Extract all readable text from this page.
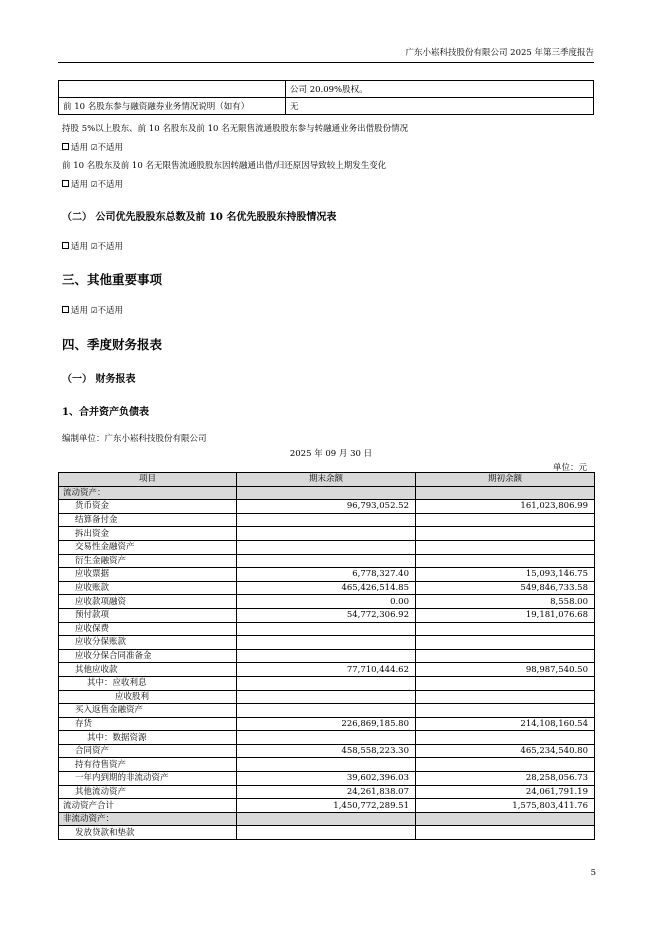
广东小崧科技股份有限公司 2025 年第三季度报告
	公司 20.09%股权。
前 10 名股东参与融资融券业务情况说明（如有）	无
持股 5%以上股东、前 10 名股东及前 10 名无限售流通股股东参与转融通业务出借股份情况
适用 ☑不适用
前 10 名股东及前 10 名无限售流通股股东因转融通出借/归还原因导致较上期发生变化
适用 ☑不适用
（二） 公司优先股股东总数及前 10 名优先股股东持股情况表
适用 ☑不适用
三、其他重要事项
适用 ☑不适用
四、季度财务报表
（一） 财务报表
1、合并资产负债表
编制单位：广东小崧科技股份有限公司
2025 年 09 月 30 日
单位：元
项目	期末余额	期初余额
流动资产：		
货币资金	96,793,052.52	161,023,806.99
结算备付金		
拆出资金		
交易性金融资产		
衍生金融资产		
应收票据	6,778,327.40	15,093,146.75
应收账款	465,426,514.85	549,846,733.58
应收款项融资	0.00	8,558.00
预付款项	54,772,306.92	19,181,076.68
应收保费		
应收分保账款		
应收分保合同准备金		
其他应收款	77,710,444.62	98,987,540.50
其中：应收利息		
应收股利		
买入返售金融资产		
存货	226,869,185.80	214,108,160.54
其中：数据资源		
合同资产	458,558,223.30	465,234,540.80
持有待售资产		
一年内到期的非流动资产	39,602,396.03	28,258,056.73
其他流动资产	24,261,838.07	24,061,791.19
流动资产合计	1,450,772,289.51	1,575,803,411.76
非流动资产：		
发放贷款和垫款		
5
